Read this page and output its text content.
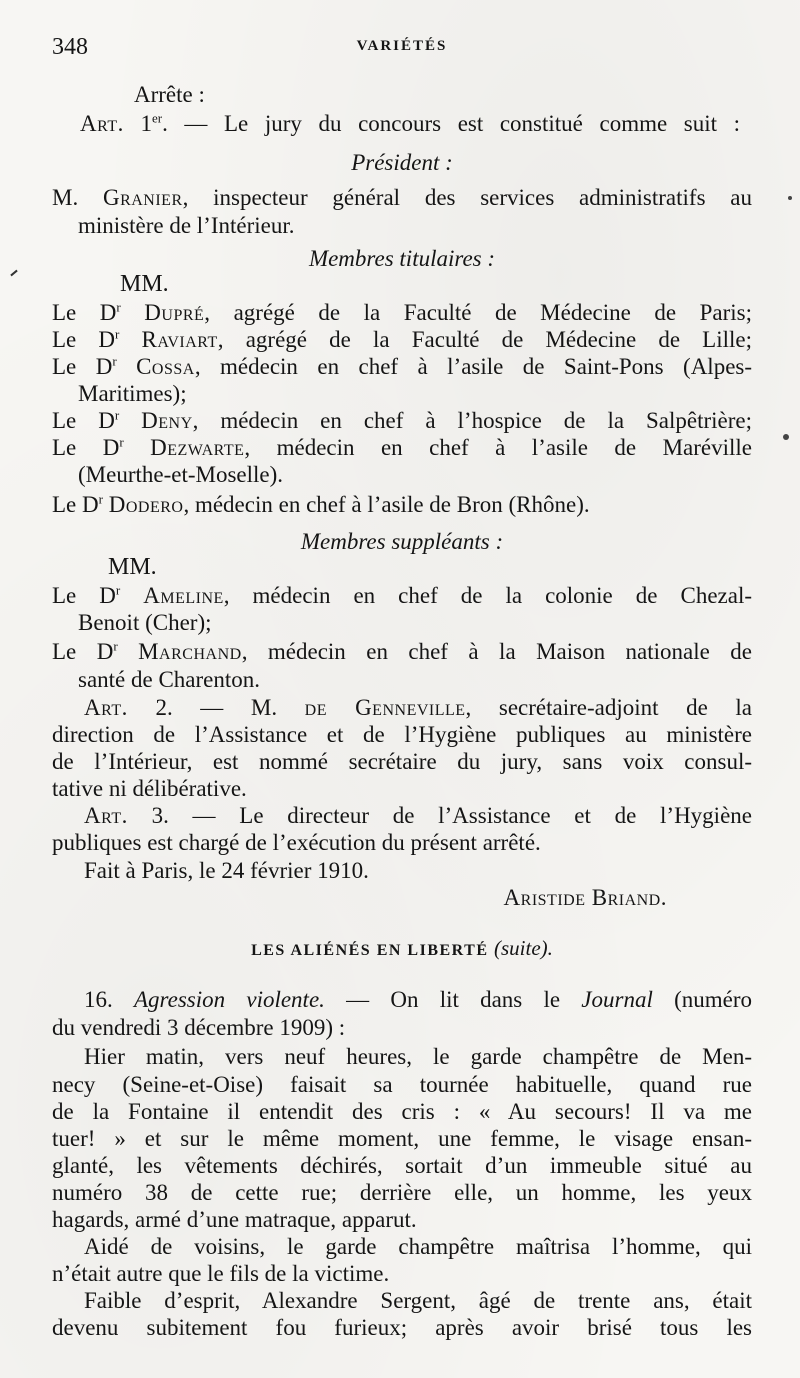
348	VARIÉTÉS
Arrête :
Art. 1er. — Le jury du concours est constitué comme suit :
Président :
M. Granier, inspecteur général des services administratifs au
ministère de l’Intérieur.
Membres titulaires :
MM.
Le $D^r$ Dupré, agrégé de la Faculté de Médecine de Paris;
Le $D^r$ Raviart, agrégé de la Faculté de Médecine de Lille;
Le $D^r$ Cossa, médecin en chef à l’asile de Saint-Pons (Alpes-
Maritimes);
Le $D^r$ Deny, médecin en chef à l’hospice de la Salpêtrière;
Le $D^r$ Dezwarte, médecin en chef à l’asile de Maréville
(Meurthe-et-Moselle).
Le $D^r$ Dodero, médecin en chef à l’asile de Bron (Rhône).
Membres suppléants :
MM.
Le $D^r$ Ameline, médecin en chef de la colonie de Chezal-
Benoit (Cher);
Le $D^r$ Marchand, médecin en chef à la Maison nationale de
santé de Charenton.
Art. 2. — M. de Genneville, secrétaire-adjoint de la
direction de l’Assistance et de l’Hygiène publiques au ministère
de l’Intérieur, est nommé secrétaire du jury, sans voix consul-
tative ni délibérative.
Art. 3. — Le directeur de l’Assistance et de l’Hygiène
publiques est chargé de l’exécution du présent arrêté.
Fait à Paris, le 24 février 1910.
Aristide Briand.
LES ALIÉNÉS EN LIBERTÉ (suite).
16. Agression violente. — On lit dans le Journal (numéro
du vendredi 3 décembre 1909) :
Hier matin, vers neuf heures, le garde champêtre de Men-
necy (Seine-et-Oise) faisait sa tournée habituelle, quand rue
de la Fontaine il entendit des cris : « Au secours! Il va me
tuer! » et sur le même moment, une femme, le visage ensan-
glanté, les vêtements déchirés, sortait d’un immeuble situé au
numéro 38 de cette rue; derrière elle, un homme, les yeux
hagards, armé d’une matraque, apparut.
Aidé de voisins, le garde champêtre maîtrisa l’homme, qui
n’était autre que le fils de la victime.
Faible d’esprit, Alexandre Sergent, âgé de trente ans, était
devenu subitement fou furieux; après avoir brisé tous les
